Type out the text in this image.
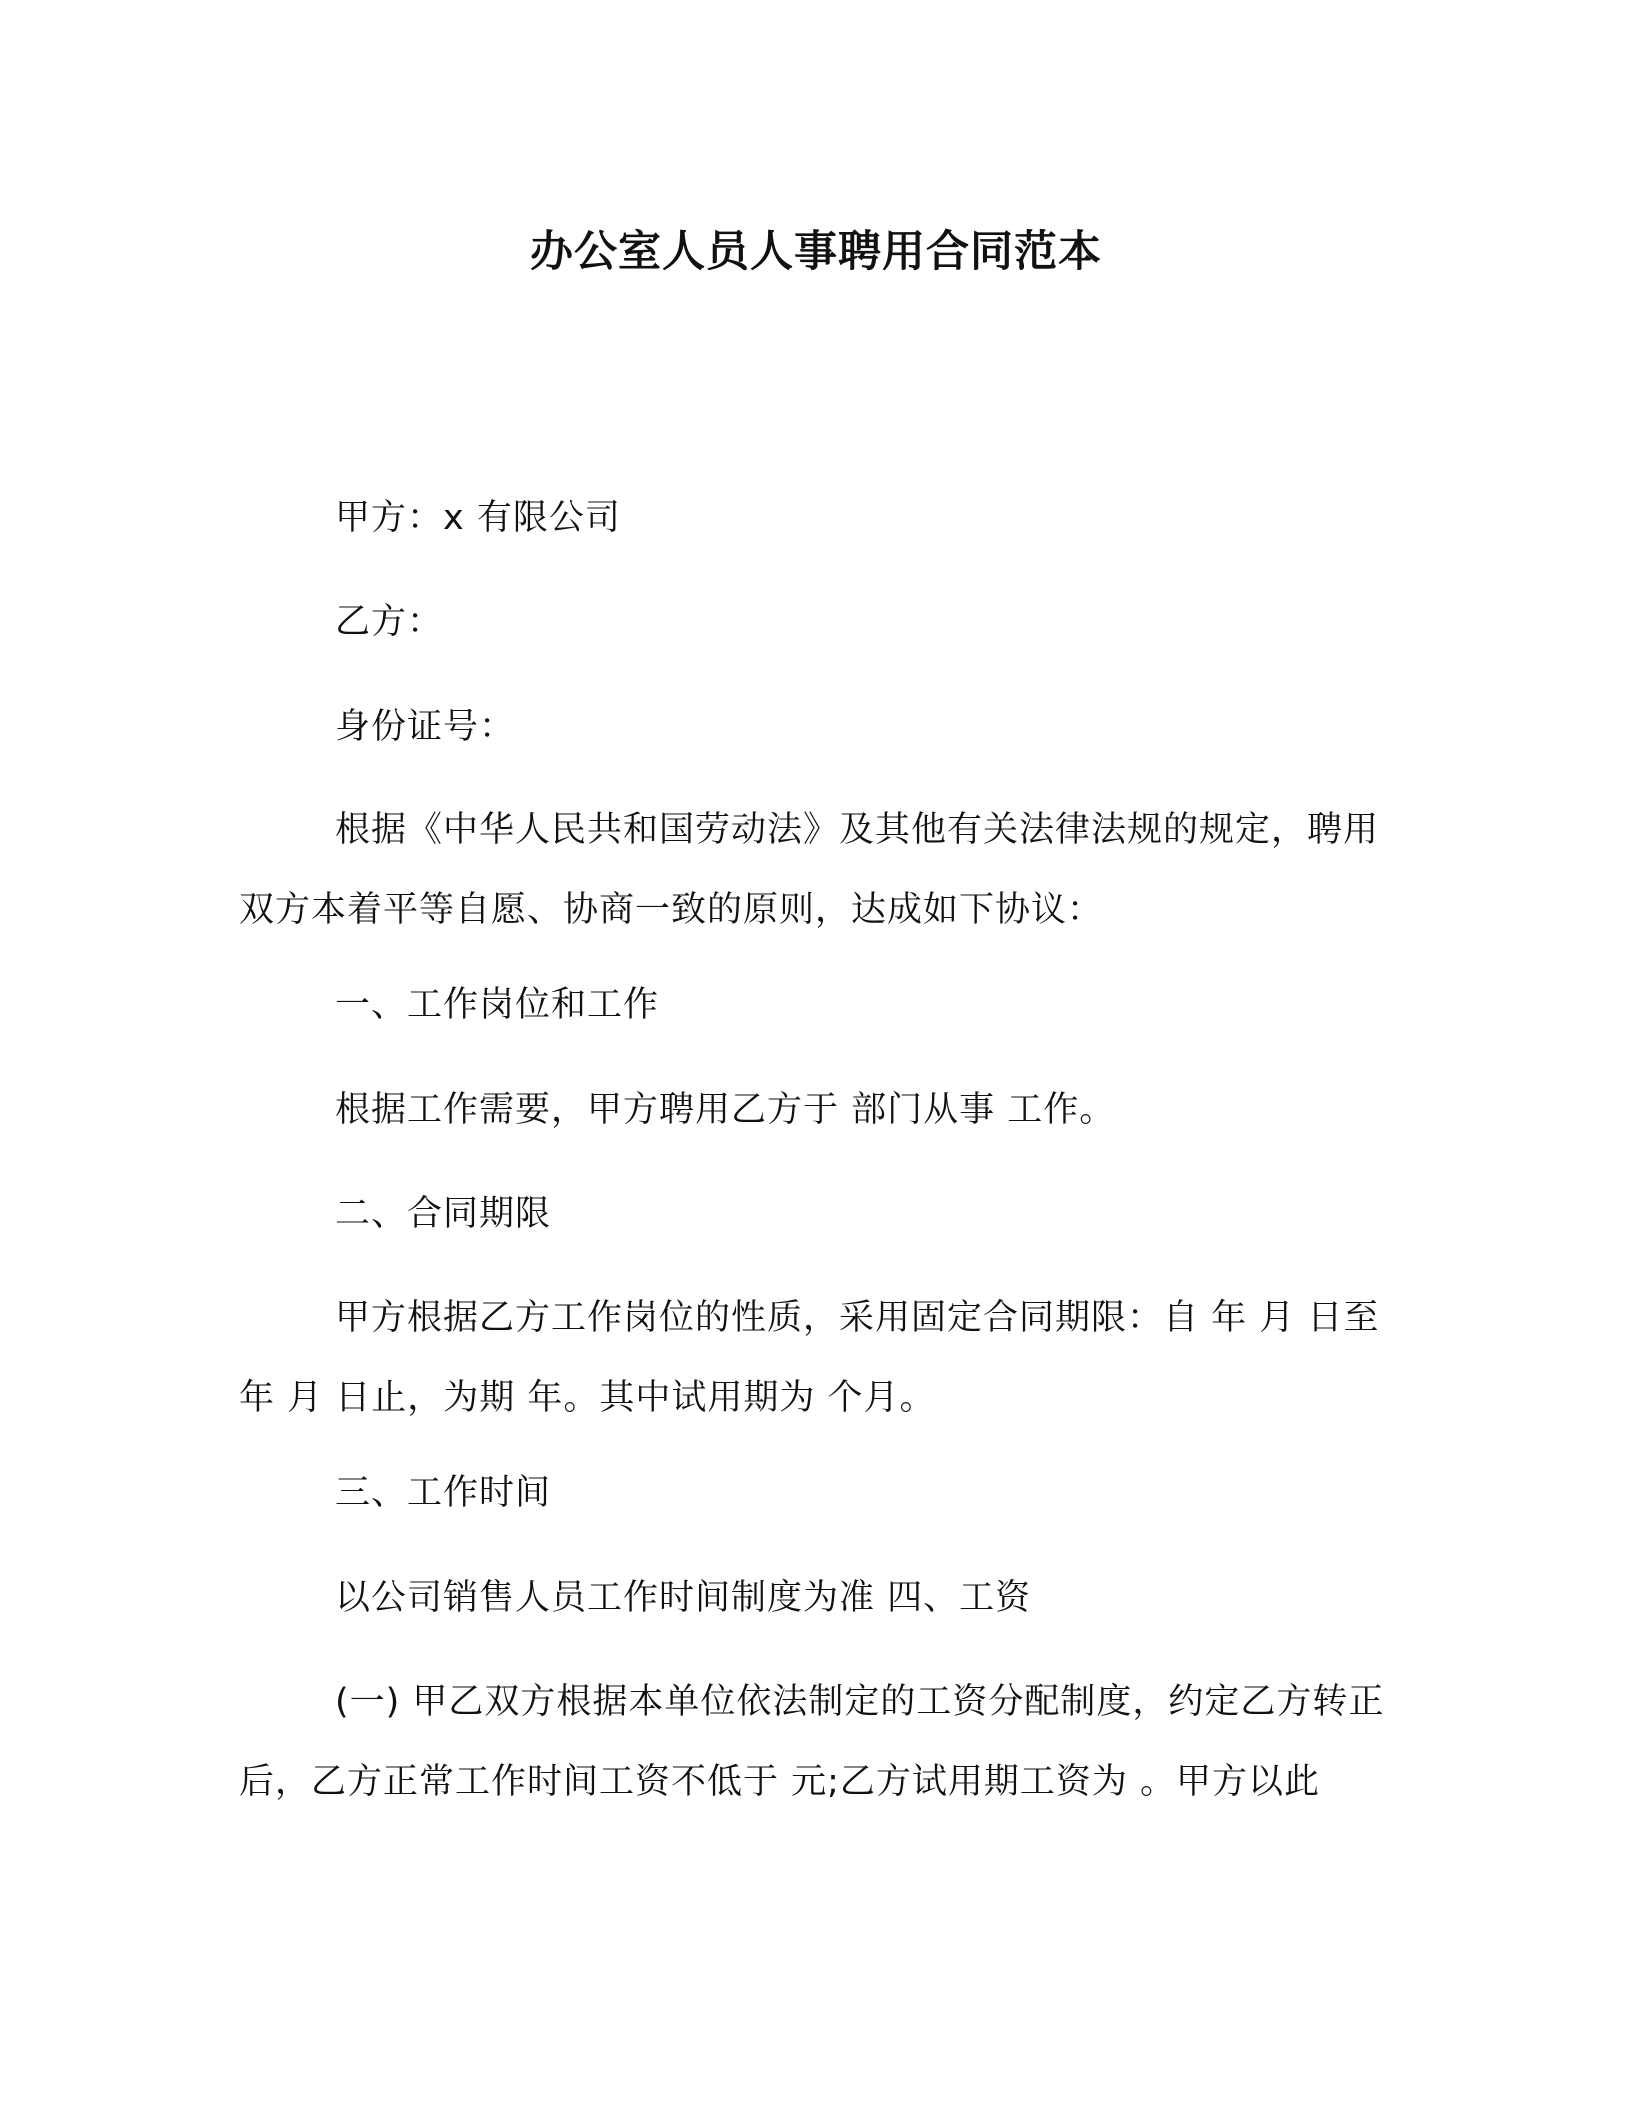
办公室人员人事聘用合同范本
甲方：x 有限公司
乙方：
身份证号：

根据《中华人民共和国劳动法》及其他有关法律法规的规定，聘用双方本着平等自愿、协商一致的原则，达成如下协议：

一、工作岗位和工作
根据工作需要，甲方聘用乙方于 部门从事 工作。
二、合同期限

甲方根据乙方工作岗位的性质，采用固定合同期限：自 年 月 日至 年 月 日止，为期 年。其中试用期为 个月。

三、工作时间
以公司销售人员工作时间制度为准 四、工资

(一) 甲乙双方根据本单位依法制定的工资分配制度，约定乙方转正后，乙方正常工作时间工资不低于 元;乙方试用期工资为 。甲方以此
